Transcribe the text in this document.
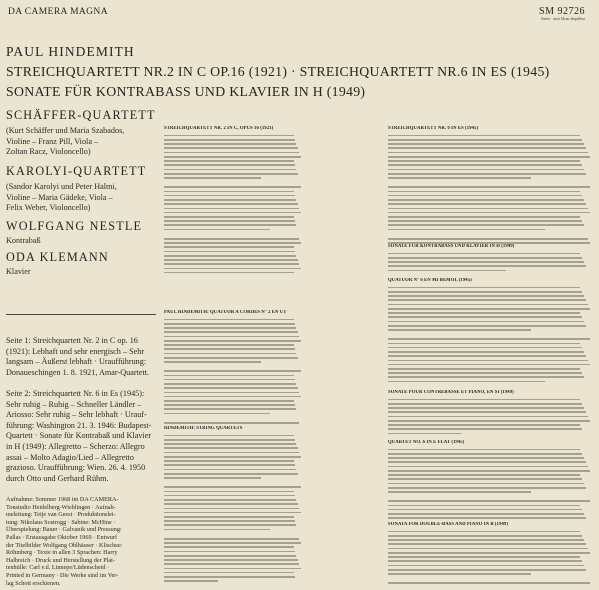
DA CAMERA MAGNA	SM 92726
Stereo · auch Mono abspielbar
PAUL HINDEMITH
STREICHQUARTETT NR.2 IN C OP.16 (1921) · STREICHQUARTETT NR.6 IN ES (1945)
SONATE FÜR KONTRABASS UND KLAVIER IN H (1949)
SCHÄFFER-QUARTETT
(Kurt Schäffer und Maria Szabados,
Violine – Franz Pill, Viola –
Zoltan Racz, Violoncello)
KAROLYI-QUARTETT
(Sandor Karolyi und Peter Halmi,
Violine – Maria Gädeke, Viola –
Felix Weber, Violoncello)
WOLFGANG NESTLE
Kontrabaß
ODA KLEMANN
Klavier
Seite 1: Streichquartett Nr. 2 in C op. 16
(1921): Lebhaft und sehr energisch – Sehr
langsam – Äußerst lebhaft · Uraufführung:
Donaueschingen 1. 8. 1921, Amar-Quartett.
Seite 2: Streichquartett Nr. 6 in Es (1945):
Sehr ruhig – Ruhig – Schneller Ländler –
Ariosso: Sehr ruhig – Sehr lebhaft · Urauf-
führung: Washington 21. 3. 1946: Budapest-
Quartett · Sonate für Kontrabaß und Klavier
in H (1949): Allegretto – Scherzo: Allegro
assai – Molto Adagio/Lied – Allegretto
grazioso. Uraufführung: Wien. 26. 4. 1950
durch Otto und Gerhard Rühm.
Aufnahme: Sommer 1968 im DA CAMERA-
Tonstudio Heidelberg-Wieblingen · Aufnah-
meleitung: Teije van Geest · Produktionslei-
tung: Nikolaus Sostrogg · Sabine: McHine ·
Überspielung: Bauer · Galvanik und Pressung:
Pallas · Erstausgabe Oktober 1969 · Entwurf
der Titelbilder Wolfgang Ohlhäuser · Klischee:
Röhmberg · Texte in allen 3 Sprachen: Harry
Halbreich · Druck und Herstellung der Plat-
tenhülle: Carl v.d. Linnepe/Lüdenscheid ·
Printed in Germany · Die Werke sind im Ver-
lag Schott erschienen.
STREICHQUARTETT NR. 2 IN C, OPUS 16 (1921)
PAUL HINDEMITH: QUATUOR A CORDES N° 2 EN UT
HINDEMITH: STRING QUARTETS
STREICHQUARTETT NR. 6 IN ES (1945)
SONATE FÜR KONTRABASS UND KLAVIER IN H (1949)
QUATUOR N° 6 EN MI BEMOL (1945)
SONATE POUR CONTREBASSE ET PIANO, EN SI (1949)
QUARTET NO. 6 IN E FLAT (1945)
SONATA FOR DOUBLE-BASS AND PIANO IN B (1949)
